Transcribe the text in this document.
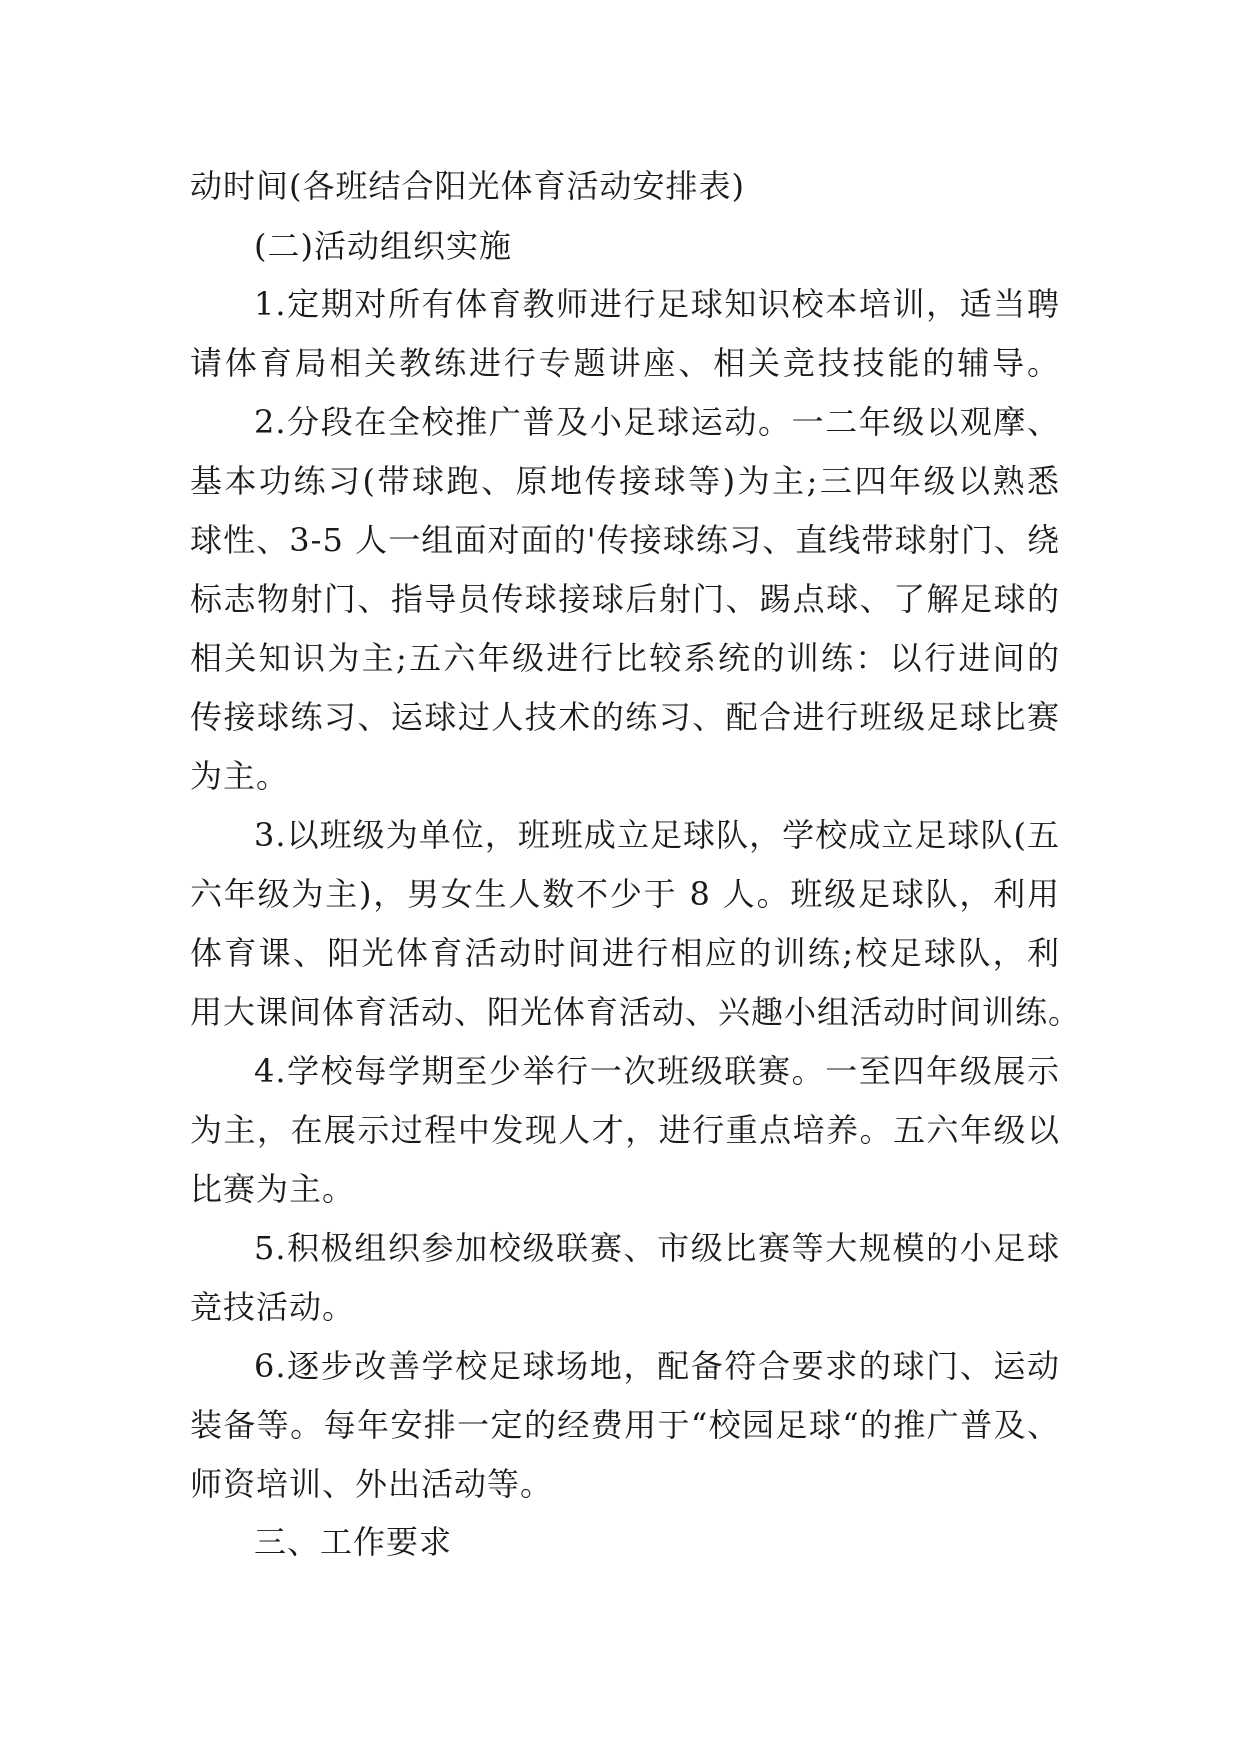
动时间(各班结合阳光体育活动安排表)
(二)活动组织实施
1.定期对所有体育教师进行足球知识校本培训，适当聘
请体育局相关教练进行专题讲座、相关竞技技能的辅导。
2.分段在全校推广普及小足球运动。一二年级以观摩、
基本功练习(带球跑、原地传接球等)为主;三四年级以熟悉
球性、3-5 人一组面对面的'传接球练习、直线带球射门、绕
标志物射门、指导员传球接球后射门、踢点球、了解足球的
相关知识为主;五六年级进行比较系统的训练：以行进间的
传接球练习、运球过人技术的练习、配合进行班级足球比赛
为主。
3.以班级为单位，班班成立足球队，学校成立足球队(五
六年级为主)，男女生人数不少于 8 人。班级足球队，利用
体育课、阳光体育活动时间进行相应的训练;校足球队，利
用大课间体育活动、阳光体育活动、兴趣小组活动时间训练。
4.学校每学期至少举行一次班级联赛。一至四年级展示
为主，在展示过程中发现人才，进行重点培养。五六年级以
比赛为主。
5.积极组织参加校级联赛、市级比赛等大规模的小足球
竞技活动。
6.逐步改善学校足球场地，配备符合要求的球门、运动
装备等。每年安排一定的经费用于“校园足球“的推广普及、
师资培训、外出活动等。
三、工作要求
